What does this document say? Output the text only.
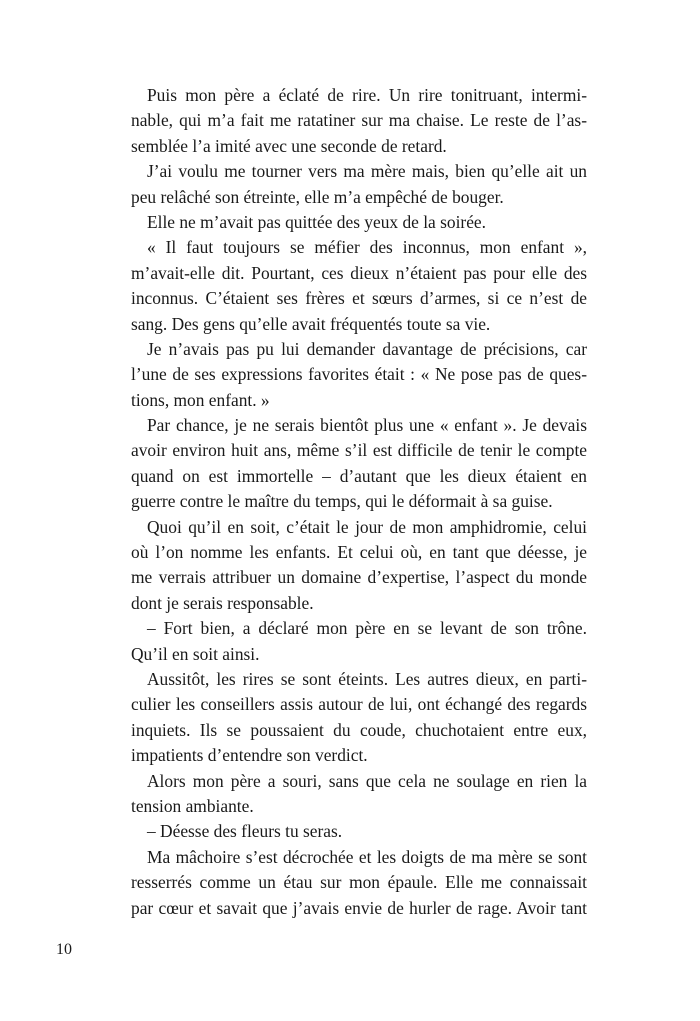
Puis mon père a éclaté de rire. Un rire tonitruant, intermi-
nable, qui m’a fait me ratatiner sur ma chaise. Le reste de l’as-
semblée l’a imité avec une seconde de retard.
J’ai voulu me tourner vers ma mère mais, bien qu’elle ait un
peu relâché son étreinte, elle m’a empêché de bouger.
Elle ne m’avait pas quittée des yeux de la soirée.
« Il faut toujours se méfier des inconnus, mon enfant »,
m’avait-elle dit. Pourtant, ces dieux n’étaient pas pour elle des
inconnus. C’étaient ses frères et sœurs d’armes, si ce n’est de
sang. Des gens qu’elle avait fréquentés toute sa vie.
Je n’avais pas pu lui demander davantage de précisions, car
l’une de ses expressions favorites était : « Ne pose pas de ques-
tions, mon enfant. »
Par chance, je ne serais bientôt plus une « enfant ». Je devais
avoir environ huit ans, même s’il est difficile de tenir le compte
quand on est immortelle – d’autant que les dieux étaient en
guerre contre le maître du temps, qui le déformait à sa guise.
Quoi qu’il en soit, c’était le jour de mon amphidromie, celui
où l’on nomme les enfants. Et celui où, en tant que déesse, je
me verrais attribuer un domaine d’expertise, l’aspect du monde
dont je serais responsable.
– Fort bien, a déclaré mon père en se levant de son trône.
Qu’il en soit ainsi.
Aussitôt, les rires se sont éteints. Les autres dieux, en parti-
culier les conseillers assis autour de lui, ont échangé des regards
inquiets. Ils se poussaient du coude, chuchotaient entre eux,
impatients d’entendre son verdict.
Alors mon père a souri, sans que cela ne soulage en rien la
tension ambiante.
– Déesse des fleurs tu seras.
Ma mâchoire s’est décrochée et les doigts de ma mère se sont
resserrés comme un étau sur mon épaule. Elle me connaissait
par cœur et savait que j’avais envie de hurler de rage. Avoir tant
10
